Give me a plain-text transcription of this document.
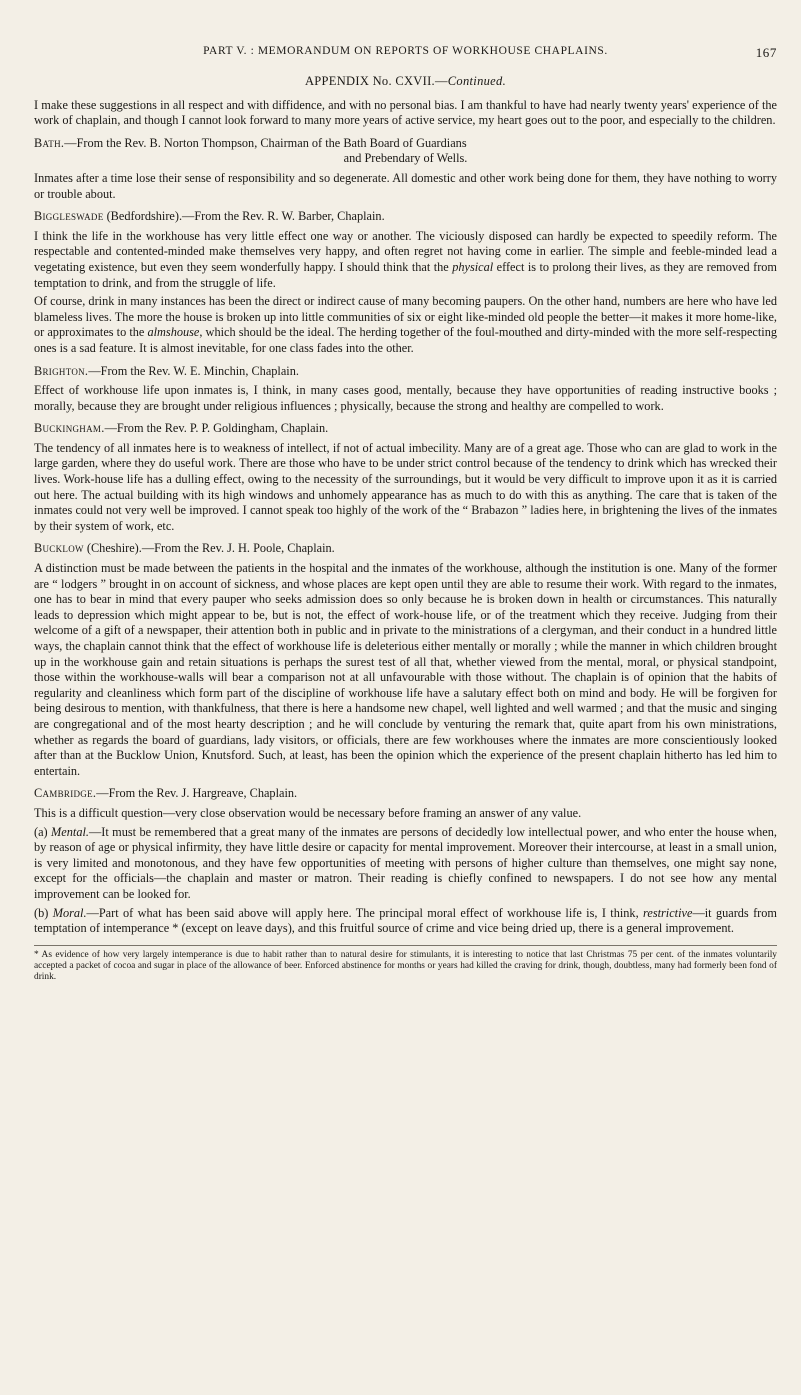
PART V. : MEMORANDUM ON REPORTS OF WORKHOUSE CHAPLAINS.	167
APPENDIX No. CXVII.—Continued.

I make these suggestions in all respect and with diffidence, and with no personal bias. I am thankful to have had nearly twenty years' experience of the work of chaplain, and though I cannot look forward to many more years of active service, my heart goes out to the poor, and especially to the children.

Bath.—From the Rev. B. Norton Thompson, Chairman of the Bath Board of Guardians
and Prebendary of Wells.

Inmates after a time lose their sense of responsibility and so degenerate. All domestic and other work being done for them, they have nothing to worry or trouble about.

Biggleswade (Bedfordshire).—From the Rev. R. W. Barber, Chaplain.

I think the life in the workhouse has very little effect one way or another. The viciously disposed can hardly be expected to speedily reform. The respectable and contented-minded make themselves very happy, and often regret not having come in earlier. The simple and feeble-minded lead a vegetating existence, but even they seem wonderfully happy. I should think that the physical effect is to prolong their lives, as they are removed from temptation to drink, and from the struggle of life.

Of course, drink in many instances has been the direct or indirect cause of many becoming paupers. On the other hand, numbers are here who have led blameless lives. The more the house is broken up into little communities of six or eight like-minded old people the better—it makes it more home-like, or approximates to the almshouse, which should be the ideal. The herding together of the foul-mouthed and dirty-minded with the more self-respecting ones is a sad feature. It is almost inevitable, for one class fades into the other.

Brighton.—From the Rev. W. E. Minchin, Chaplain.

Effect of workhouse life upon inmates is, I think, in many cases good, mentally, because they have opportunities of reading instructive books ; morally, because they are brought under religious influences ; physically, because the strong and healthy are compelled to work.

Buckingham.—From the Rev. P. P. Goldingham, Chaplain.

The tendency of all inmates here is to weakness of intellect, if not of actual imbecility. Many are of a great age. Those who can are glad to work in the large garden, where they do useful work. There are those who have to be under strict control because of the tendency to drink which has wrecked their lives. Work-house life has a dulling effect, owing to the necessity of the surroundings, but it would be very difficult to improve upon it as it is carried out here. The actual building with its high windows and unhomely appearance has as much to do with this as anything. The care that is taken of the inmates could not very well be improved. I cannot speak too highly of the work of the “ Brabazon ” ladies here, in brightening the lives of the inmates by their system of work, etc.

Bucklow (Cheshire).—From the Rev. J. H. Poole, Chaplain.

A distinction must be made between the patients in the hospital and the inmates of the workhouse, although the institution is one. Many of the former are “ lodgers ” brought in on account of sickness, and whose places are kept open until they are able to resume their work. With regard to the inmates, one has to bear in mind that every pauper who seeks admission does so only because he is broken down in health or circumstances. This naturally leads to depression which might appear to be, but is not, the effect of work-house life, or of the treatment which they receive. Judging from their welcome of a gift of a newspaper, their attention both in public and in private to the ministrations of a clergyman, and their conduct in a hundred little ways, the chaplain cannot think that the effect of workhouse life is deleterious either mentally or morally ; while the manner in which children brought up in the workhouse gain and retain situations is perhaps the surest test of all that, whether viewed from the mental, moral, or physical standpoint, those within the workhouse-walls will bear a comparison not at all unfavourable with those without. The chaplain is of opinion that the habits of regularity and cleanliness which form part of the discipline of workhouse life have a salutary effect both on mind and body. He will be forgiven for being desirous to mention, with thankfulness, that there is here a handsome new chapel, well lighted and well warmed ; and that the music and singing are congregational and of the most hearty description ; and he will conclude by venturing the remark that, quite apart from his own ministrations, whether as regards the board of guardians, lady visitors, or officials, there are few workhouses where the inmates are more conscientiously looked after than at the Bucklow Union, Knutsford. Such, at least, has been the opinion which the experience of the present chaplain hitherto has led him to entertain.

Cambridge.—From the Rev. J. Hargreave, Chaplain.

This is a difficult question—very close observation would be necessary before framing an answer of any value.

(a) Mental.—It must be remembered that a great many of the inmates are persons of decidedly low intellectual power, and who enter the house when, by reason of age or physical infirmity, they have little desire or capacity for mental improvement. Moreover their intercourse, at least in a small union, is very limited and monotonous, and they have few opportunities of meeting with persons of higher culture than themselves, one might say none, except for the officials—the chaplain and master or matron. Their reading is chiefly confined to newspapers. I do not see how any mental improvement can be looked for.

(b) Moral.—Part of what has been said above will apply here. The principal moral effect of workhouse life is, I think, restrictive—it guards from temptation of intemperance * (except on leave days), and this fruitful source of crime and vice being dried up, there is a general improvement.

* As evidence of how very largely intemperance is due to habit rather than to natural desire for stimulants, it is interesting to notice that last Christmas 75 per cent. of the inmates voluntarily accepted a packet of cocoa and sugar in place of the allowance of beer. Enforced abstinence for months or years had killed the craving for drink, though, doubtless, many had formerly been fond of drink.
